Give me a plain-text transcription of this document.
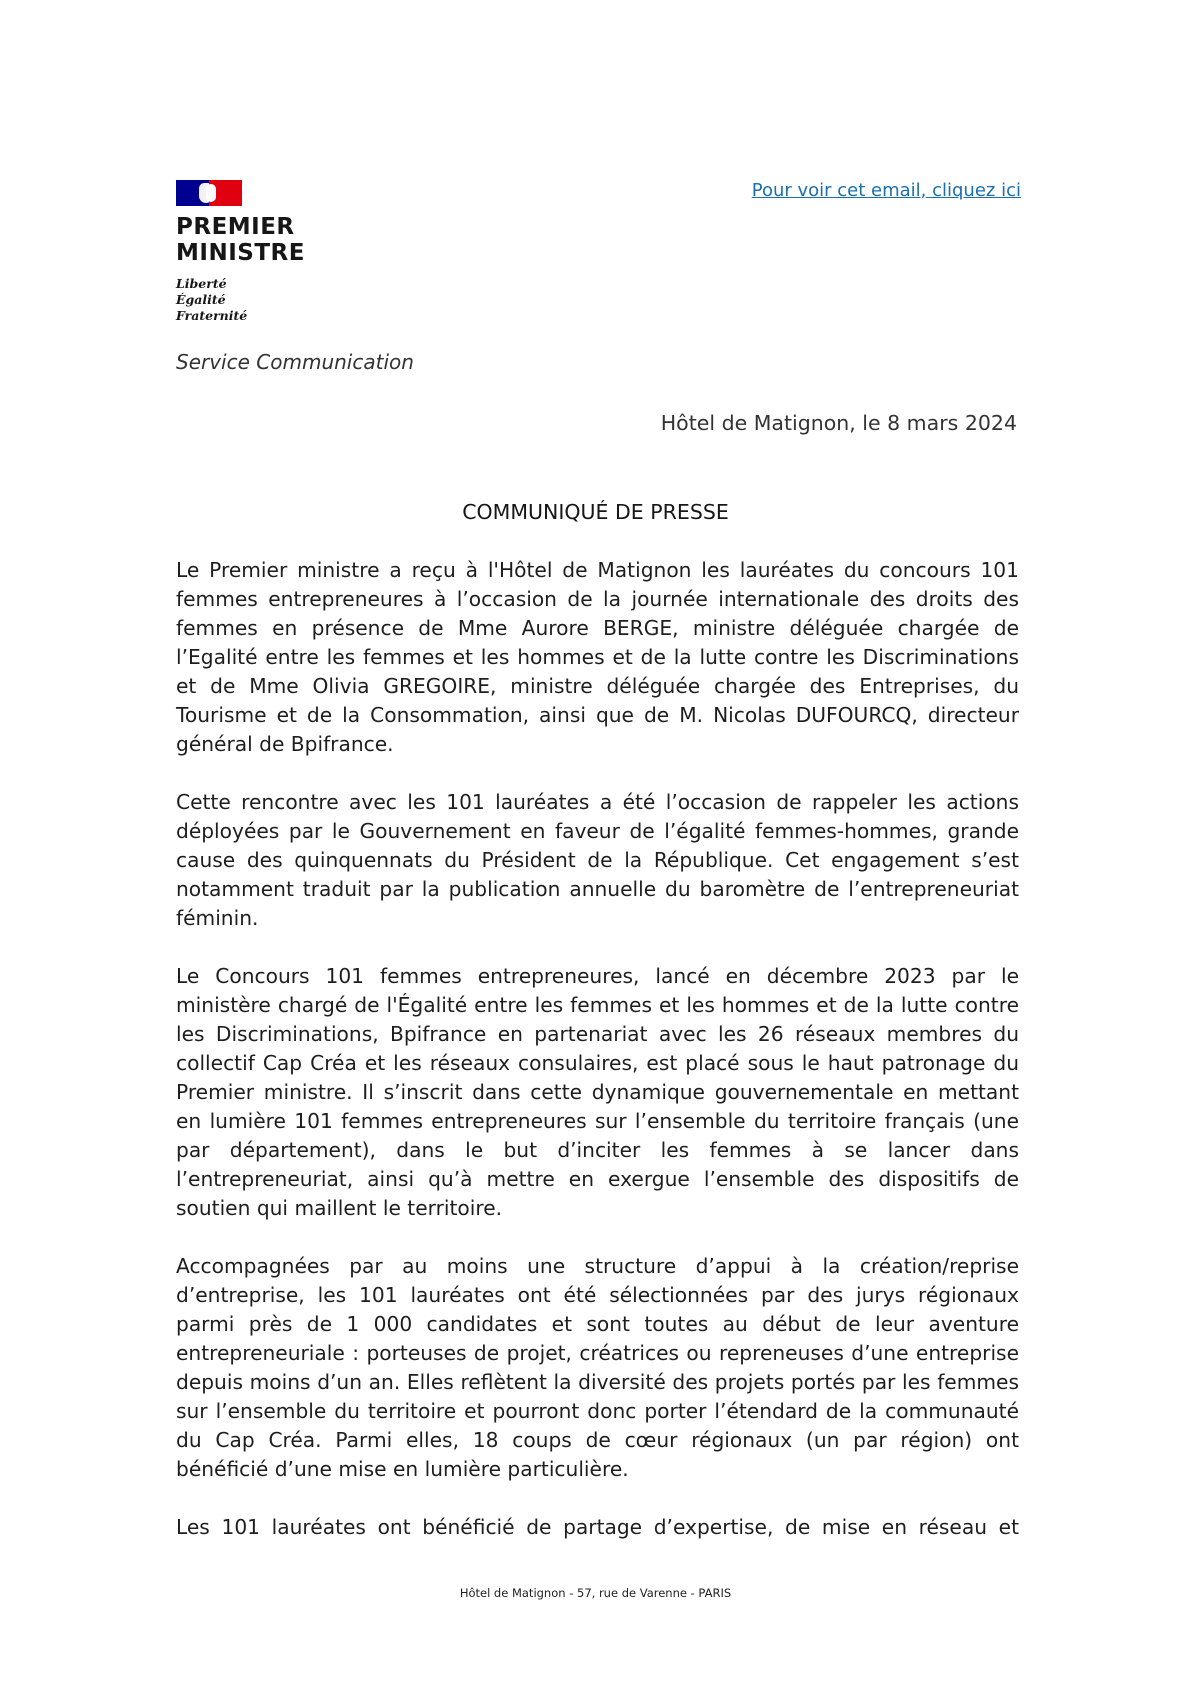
PREMIER
MINISTRE
Liberté
Égalité
Fraternité
Pour voir cet email, cliquez ici
Service Communication
Hôtel de Matignon, le 8 mars 2024
COMMUNIQUÉ DE PRESSE

Le Premier ministre a reçu à l'Hôtel de Matignon les lauréates du concours 101 femmes entrepreneures à l’occasion de la journée internationale des droits des femmes en présence de Mme Aurore BERGE, ministre déléguée chargée de l’Egalité entre les femmes et les hommes et de la lutte contre les Discriminations et de Mme Olivia GREGOIRE, ministre déléguée chargée des Entreprises, du Tourisme et de la Consommation, ainsi que de M. Nicolas DUFOURCQ, directeur général de Bpifrance.

Cette rencontre avec les 101 lauréates a été l’occasion de rappeler les actions déployées par le Gouvernement en faveur de l’égalité femmes-hommes, grande cause des quinquennats du Président de la République. Cet engagement s’est notamment traduit par la publication annuelle du baromètre de l’entrepreneuriat féminin.

Le Concours 101 femmes entrepreneures, lancé en décembre 2023 par le ministère chargé de l'Égalité entre les femmes et les hommes et de la lutte contre les Discriminations, Bpifrance en partenariat avec les 26 réseaux membres du collectif Cap Créa et les réseaux consulaires, est placé sous le haut patronage du Premier ministre. Il s’inscrit dans cette dynamique gouvernementale en mettant en lumière 101 femmes entrepreneures sur l’ensemble du territoire français (une par département), dans le but d’inciter les femmes à se lancer dans l’entrepreneuriat, ainsi qu’à mettre en exergue l’ensemble des dispositifs de soutien qui maillent le territoire.

Accompagnées par au moins une structure d’appui à la création/reprise d’entreprise, les 101 lauréates ont été sélectionnées par des jurys régionaux parmi près de 1 000 candidates et sont toutes au début de leur aventure entrepreneuriale : porteuses de projet, créatrices ou repreneuses d’une entreprise depuis moins d’un an. Elles reflètent la diversité des projets portés par les femmes sur l’ensemble du territoire et pourront donc porter l’étendard de la communauté du Cap Créa. Parmi elles, 18 coups de cœur régionaux (un par région) ont bénéficié d’une mise en lumière particulière.

Les 101 lauréates ont bénéficié de partage d’expertise, de mise en réseau et

Hôtel de Matignon - 57, rue de Varenne - PARIS
